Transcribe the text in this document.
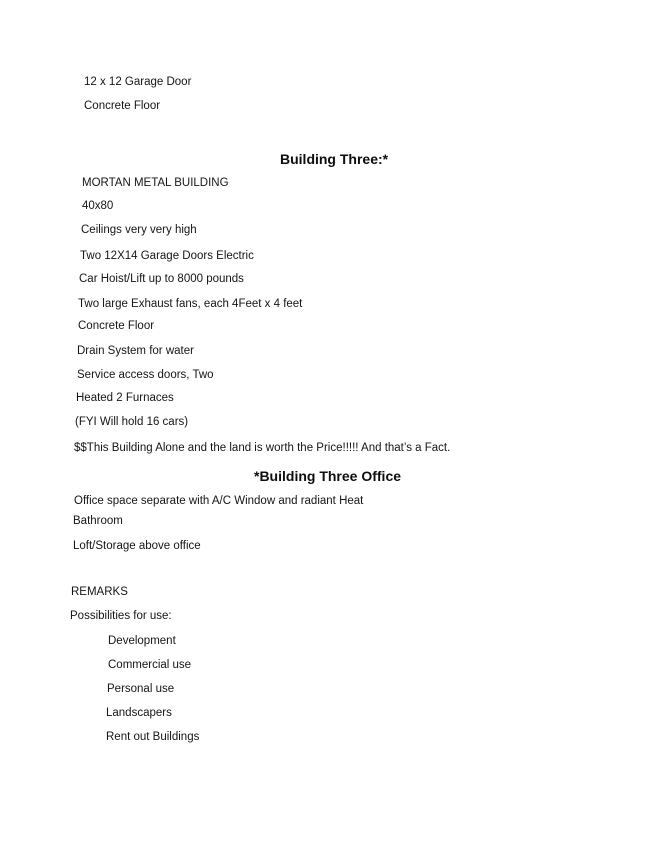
12 x 12 Garage Door
Concrete Floor
Building Three:*
MORTAN METAL BUILDING
40x80
Ceilings very very high
Two 12X14 Garage Doors Electric
Car Hoist/Lift up to 8000 pounds
Two large Exhaust fans, each 4Feet x 4 feet
Concrete Floor
Drain System for water
Service access doors, Two
Heated 2 Furnaces
(FYI Will hold 16 cars)
$$This Building Alone and the land is worth the Price!!!!! And that’s a Fact.
*Building Three Office
Office space separate with A/C Window and radiant Heat
Bathroom
Loft/Storage above office
REMARKS
Possibilities for use:
Development
Commercial use
Personal use
Landscapers
Rent out Buildings
